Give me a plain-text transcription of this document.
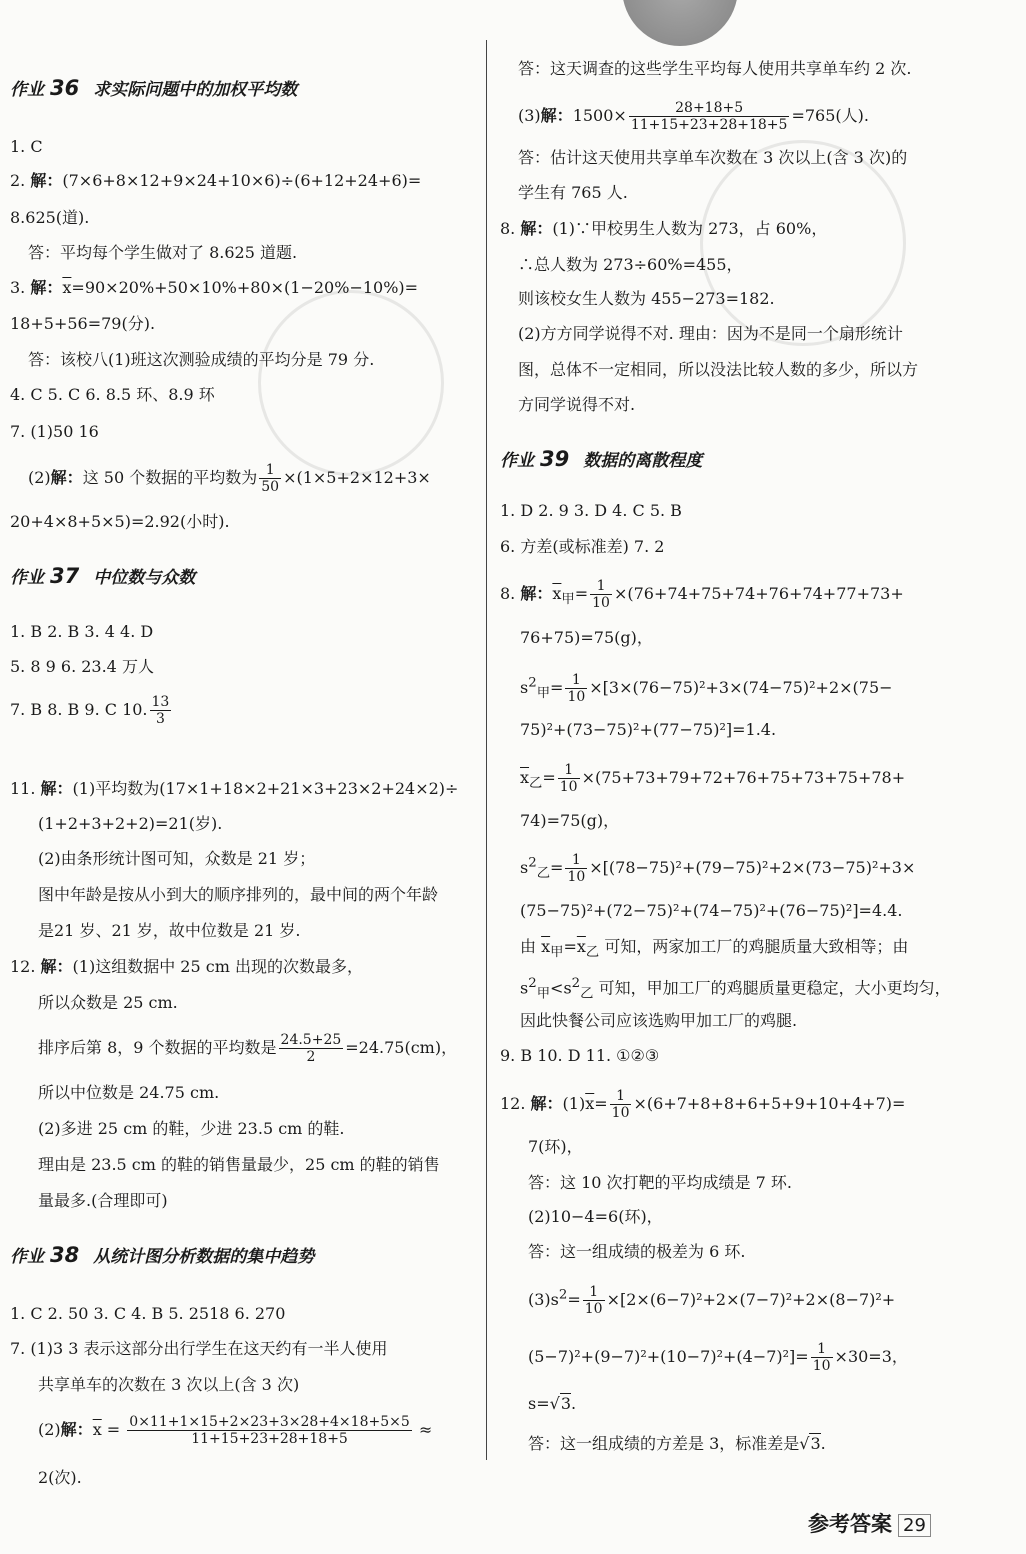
作业 36 求实际问题中的加权平均数
1. C
2. 解：(7×6+8×12+9×24+10×6)÷(6+12+24+6)=
8.625(道).
答：平均每个学生做对了 8.625 道题.
3. 解：$\overline{x}=90\times 20\%+50\times 10\%+80\times(1-20\%-10\%)=$
18+5+56=79(分).
答：该校八(1)班这次测验成绩的平均分是 79 分.
4. C 5. C 6. 8.5 环、8.9 环
7. (1)50 16
(2)解：这 50 个数据的平均数为 $\frac{1}{50} \times(1\times 5+2\times 12+3\times$
20+4×8+5×5)=2.92(小时).
作业 37 中位数与众数
1. B 2. B 3. 4 4. D
5. 8 9 6. 23.4 万人
7. B 8. B 9. C 10. $\frac{13}{3}$
11. 解：(1)平均数为(17×1+18×2+21×3+23×2+24×2)÷
(1+2+3+2+2)=21(岁).
(2)由条形统计图可知，众数是 21 岁；
图中年龄是按从小到大的顺序排列的，最中间的两个年龄
是21 岁、21 岁，故中位数是 21 岁.
12. 解：(1)这组数据中 25 cm 出现的次数最多，
所以众数是 25 cm.
排序后第 8，9 个数据的平均数是 $\frac{24.5+25}{2} =24.75(cm)$，
所以中位数是 24.75 cm.
(2)多进 25 cm 的鞋，少进 23.5 cm 的鞋.
理由是 23.5 cm 的鞋的销售量最少，25 cm 的鞋的销售
量最多.(合理即可)
作业 38 从统计图分析数据的集中趋势
1. C 2. 50 3. C 4. B 5. 2518 6. 270
7. (1)3 3 表示这部分出行学生在这天约有一半人使用
共享单车的次数在 3 次以上(含 3 次)
(2)解：$\overline{x} = \frac{0\times 11+1\times 15+2\times 23+3\times 28+4\times 18+5\times 5}{11+15+23+28+18+5}$ ≈
2(次).
答：这天调查的这些学生平均每人使用共享单车约 2 次.
(3)解：$1500\times \frac{28+18+5}{11+15+23+28+18+5} =765$(人).
答：估计这天使用共享单车次数在 3 次以上(含 3 次)的
学生有 765 人.
8. 解：(1)∵甲校男生人数为 273，占 60%，
∴总人数为 273÷60%=455，
则该校女生人数为 455−273=182.
(2)方方同学说得不对. 理由：因为不是同一个扇形统计
图，总体不一定相同，所以没法比较人数的多少，所以方
方同学说得不对.
作业 39 数据的离散程度
1. D 2. 9 3. D 4. C 5. B
6. 方差(或标准差) 7. 2
8. 解：$\overline{x}_甲= \frac{1}{10} \times(76+74+75+74+76+74+77+73+$
76+75)=75(g)，
$s^2_甲= \frac{1}{10} \times[3\times(76-75)^2+3\times(74-75)^2+2\times(75-$
75)²+(73−75)²+(77−75)²]=1.4.
$\overline{x}_乙= \frac{1}{10} \times(75+73+79+72+76+75+73+75+78+$
74)=75(g)，
$s^2_乙= \frac{1}{10} \times[(78-75)^2+(79-75)^2+2\times(73-75)^2+3\times$
(75−75)²+(72−75)²+(74−75)²+(76−75)²]=4.4.
由 $\overline{x}_甲=\overline{x}_乙$ 可知，两家加工厂的鸡腿质量大致相等；由
$s^2_甲<s^2_乙$ 可知，甲加工厂的鸡腿质量更稳定，大小更均匀，
因此快餐公司应该选购甲加工厂的鸡腿.
9. B 10. D 11. ①②③
12. 解：$(1)\overline{x}= \frac{1}{10} \times(6+7+8+8+6+5+9+10+4+7)=$
7(环)，
答：这 10 次打靶的平均成绩是 7 环.
(2)10−4=6(环)，
答：这一组成绩的极差为 6 环.
$(3)s^2= \frac{1}{10} \times[2\times(6-7)^2+2\times(7-7)^2+2\times(8-7)^2+$
$(5-7)^2+(9-7)^2+(10-7)^2+(4-7)^2]= \frac{1}{10} \times 30=3$，
s=√3.
答：这一组成绩的方差是 3，标准差是√3.
参考答案 29
